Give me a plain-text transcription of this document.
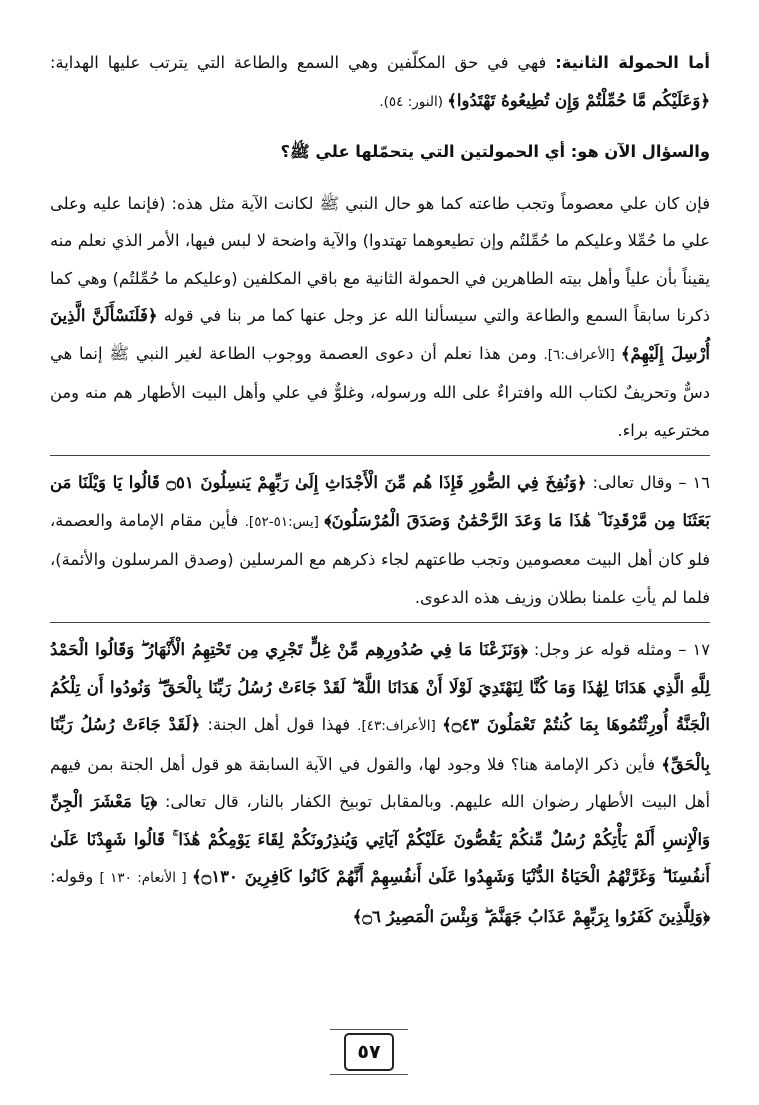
أما الحمولة الثانية: فهي في حق المكلّفين وهي السمع والطاعة التي يترتب عليها الهداية: ﴿وَعَلَيْكُم مَّا حُمِّلْتُمْ وَإِن تُطِيعُوهُ تَهْتَدُوا﴾ (النور: ٥٤).

والسؤال الآن هو: أي الحمولتين التي يتحمّلها علي ﷺ؟

فإن كان علي معصوماً وتجب طاعته كما هو حال النبي ﷺ لكانت الآية مثل هذه: (فإنما عليه وعلى علي ما حُمِّلا وعليكم ما حُمِّلتُم وإن تطيعوهما تهتدوا) والآية واضحة لا لبس فيها، الأمر الذي نعلم منه يقيناً بأن علياً وأهل بيته الطاهرين في الحمولة الثانية مع باقي المكلفين (وعليكم ما حُمِّلتُم) وهي كما ذكرنا سابقاً السمع والطاعة والتي سيسألنا الله عز وجل عنها كما مر بنا في قوله ﴿فَلَنَسْأَلَنَّ الَّذِينَ أُرْسِلَ إِلَيْهِمْ﴾ [الأعراف:٦]. ومن هذا نعلم أن دعوى العصمة ووجوب الطاعة لغير النبي ﷺ إنما هي دسٌّ وتحريفٌ لكتاب الله وافتراءٌ على الله ورسوله، وغلوٌّ في علي وأهل البيت الأطهار هم منه ومن مخترعيه براء.

١٦ – وقال تعالى: ﴿وَنُفِخَ فِي الصُّورِ فَإِذَا هُم مِّنَ الْأَجْدَاثِ إِلَىٰ رَبِّهِمْ يَنسِلُونَ ۝٥١ قَالُوا يَا وَيْلَنَا مَن بَعَثَنَا مِن مَّرْقَدِنَا ۜ هَٰذَا مَا وَعَدَ الرَّحْمَٰنُ وَصَدَقَ الْمُرْسَلُونَ﴾ [يس:٥١-٥٢]. فأين مقام الإمامة والعصمة، فلو كان أهل البيت معصومين وتجب طاعتهم لجاء ذكرهم مع المرسلين (وصدق المرسلون والأئمة)، فلما لم يأتِ علمنا بطلان وزيف هذه الدعوى.

١٧ – ومثله قوله عز وجل: ﴿وَنَزَعْنَا مَا فِي صُدُورِهِم مِّنْ غِلٍّ تَجْرِي مِن تَحْتِهِمُ الْأَنْهَارُ ۖ وَقَالُوا الْحَمْدُ لِلَّهِ الَّذِي هَدَانَا لِهَٰذَا وَمَا كُنَّا لِنَهْتَدِيَ لَوْلَا أَنْ هَدَانَا اللَّهُ ۖ لَقَدْ جَاءَتْ رُسُلُ رَبِّنَا بِالْحَقِّ ۖ وَنُودُوا أَن تِلْكُمُ الْجَنَّةُ أُورِثْتُمُوهَا بِمَا كُنتُمْ تَعْمَلُونَ ۝٤٣﴾ [الأعراف:٤٣]. فهذا قول أهل الجنة: ﴿لَقَدْ جَاءَتْ رُسُلُ رَبِّنَا بِالْحَقِّ﴾ فأين ذكر الإمامة هنا؟ فلا وجود لها، والقول في الآية السابقة هو قول أهل الجنة بمن فيهم أهل البيت الأطهار رضوان الله عليهم. وبالمقابل توبيخ الكفار بالنار، قال تعالى: ﴿يَا مَعْشَرَ الْجِنِّ وَالْإِنسِ أَلَمْ يَأْتِكُمْ رُسُلٌ مِّنكُمْ يَقُصُّونَ عَلَيْكُمْ آيَاتِي وَيُنذِرُونَكُمْ لِقَاءَ يَوْمِكُمْ هَٰذَا ۚ قَالُوا شَهِدْنَا عَلَىٰ أَنفُسِنَا ۖ وَغَرَّتْهُمُ الْحَيَاةُ الدُّنْيَا وَشَهِدُوا عَلَىٰ أَنفُسِهِمْ أَنَّهُمْ كَانُوا كَافِرِينَ ۝١٣٠﴾ [ الأنعام: ١٣٠ ] وقوله: ﴿وَلِلَّذِينَ كَفَرُوا بِرَبِّهِمْ عَذَابُ جَهَنَّمَ ۖ وَبِئْسَ الْمَصِيرُ ۝٦﴾

٥٧
